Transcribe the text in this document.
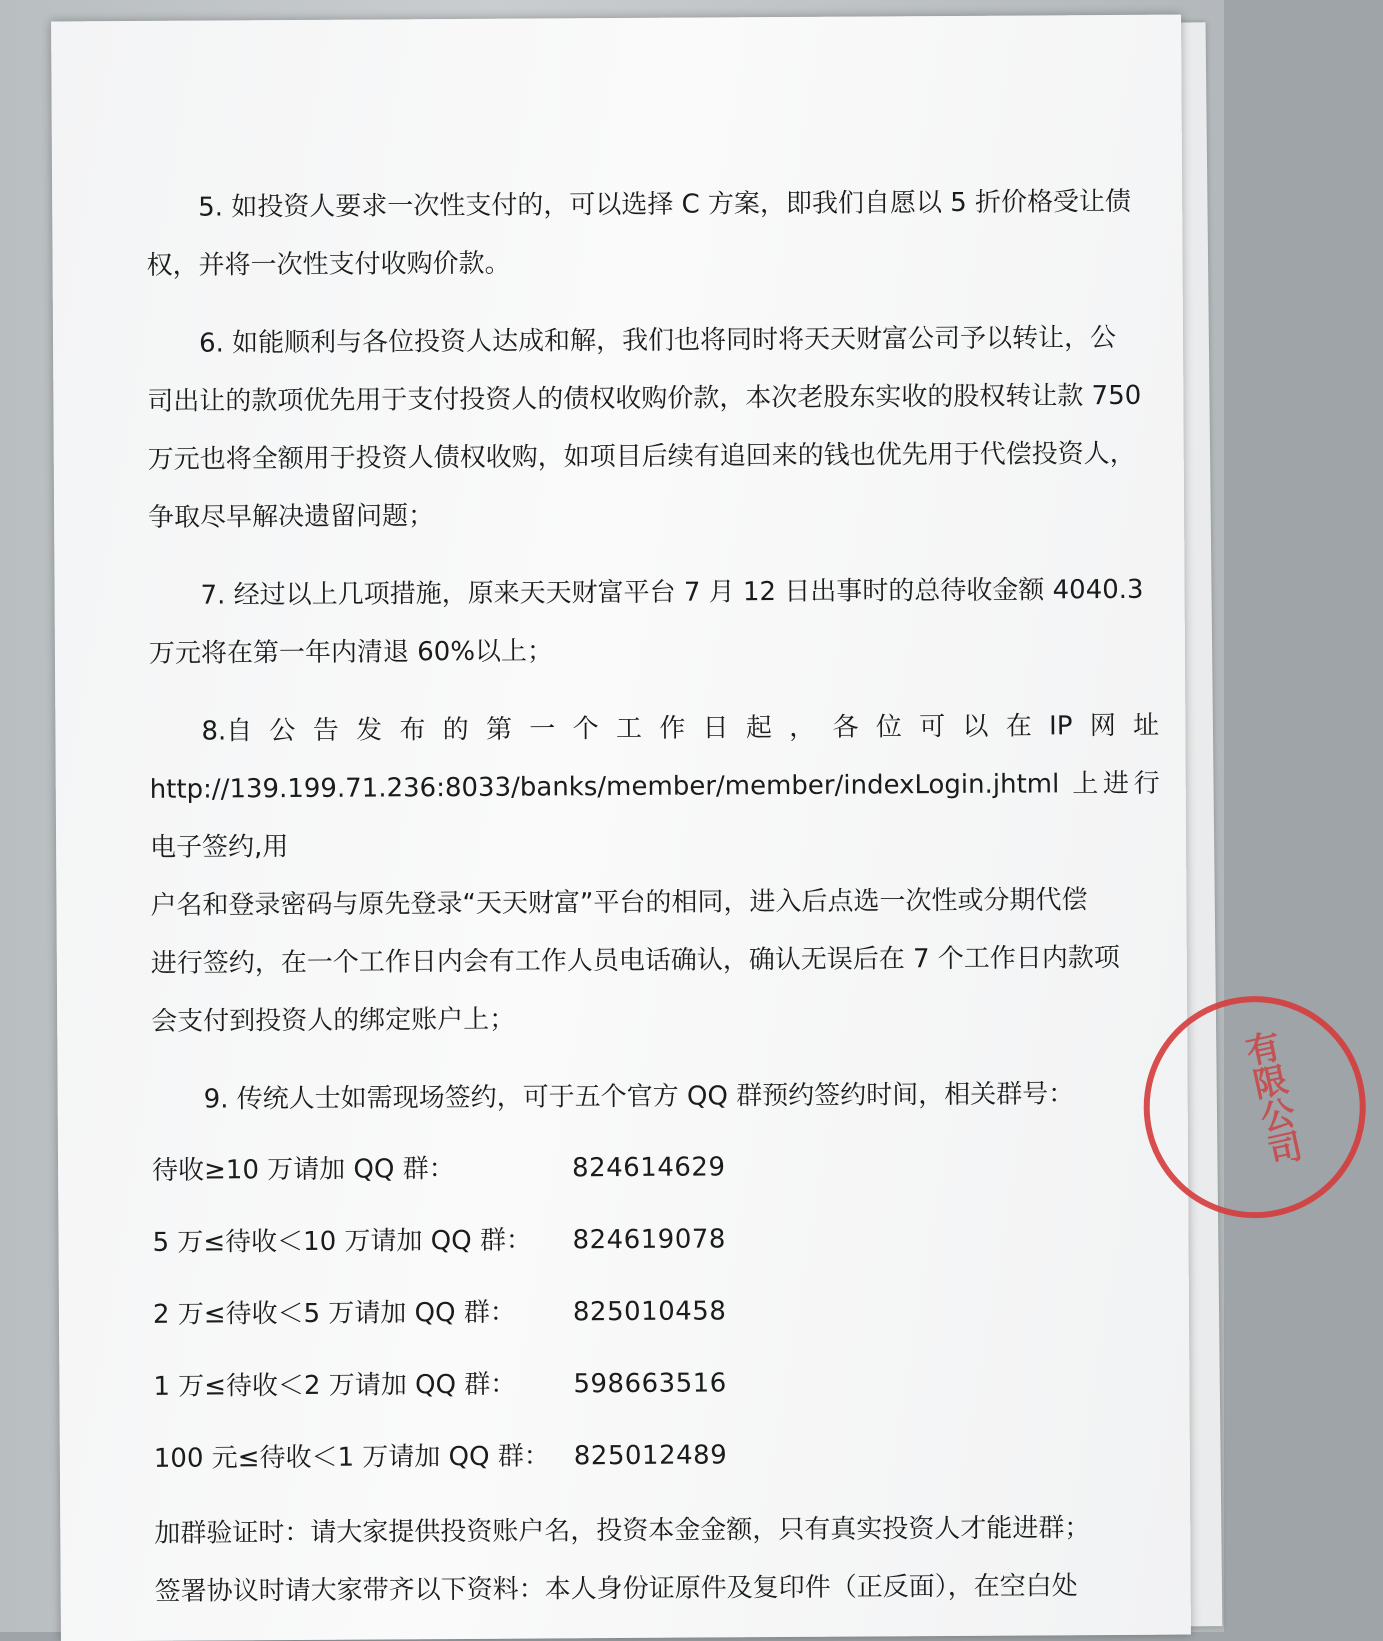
5. 如投资人要求一次性支付的，可以选择 C 方案，即我们自愿以 5 折价格受让债
权，并将一次性支付收购价款。
6. 如能顺利与各位投资人达成和解，我们也将同时将天天财富公司予以转让，公
司出让的款项优先用于支付投资人的债权收购价款，本次老股东实收的股权转让款 750
万元也将全额用于投资人债权收购，如项目后续有追回来的钱也优先用于代偿投资人，
争取尽早解决遗留问题；
7. 经过以上几项措施，原来天天财富平台 7 月 12 日出事时的总待收金额 4040.3
万元将在第一年内清退 60%以上；
8.自 公 告 发 布 的 第 一 个 工 作 日 起 ， 各 位 可 以 在 IP 网 址
http://139.199.71.236:8033/banks/member/member/indexLogin.jhtml 上进行电子签约,用
户名和登录密码与原先登录“天天财富”平台的相同，进入后点选一次性或分期代偿
进行签约，在一个工作日内会有工作人员电话确认，确认无误后在 7 个工作日内款项
会支付到投资人的绑定账户上；
9. 传统人士如需现场签约，可于五个官方 QQ 群预约签约时间，相关群号：
待收≥10 万请加 QQ 群：	824614629
5 万≤待收＜10 万请加 QQ 群：	824619078
2 万≤待收＜5 万请加 QQ 群：	825010458
1 万≤待收＜2 万请加 QQ 群：	598663516
100 元≤待收＜1 万请加 QQ 群： 825012489
加群验证时：请大家提供投资账户名，投资本金金额，只有真实投资人才能进群；
签署协议时请大家带齐以下资料：本人身份证原件及复印件（正反面），在空白处
有限公司
